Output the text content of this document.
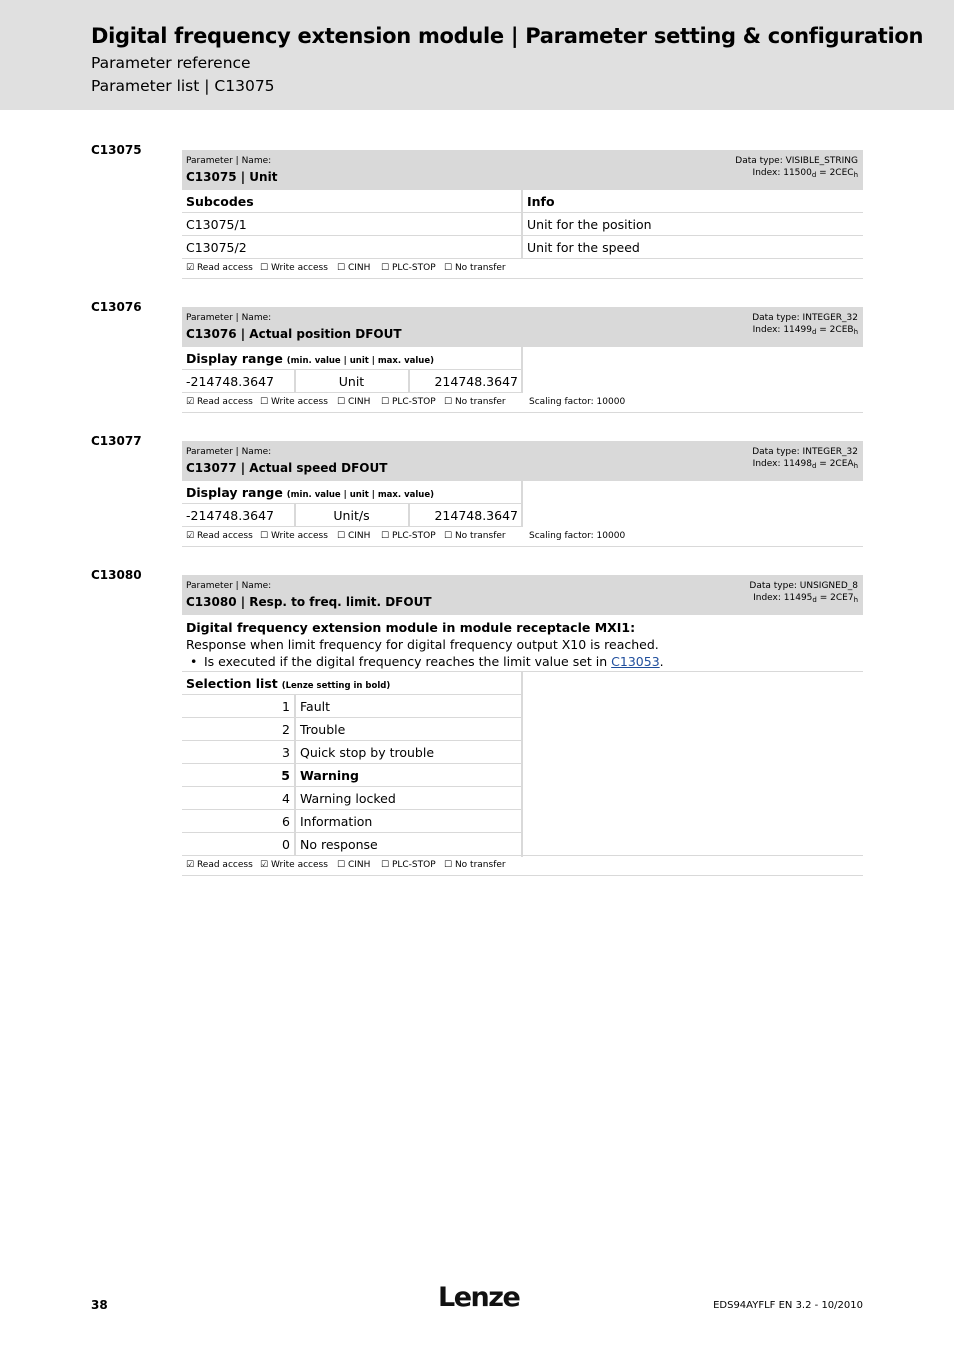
Digital frequency extension module | Parameter setting & configuration
Parameter reference
Parameter list | C13075
C13075
Parameter | Name:
C13075 | Unit
Data type: VISIBLE_STRING
Index: $11500_d = 2CEC_h$
Subcodes	Info
C13075/1	Unit for the position
C13075/2	Unit for the speed
☑ Read access ☐ Write access ☐ CINH ☐ PLC-STOP ☐ No transfer
C13076
Parameter | Name:
C13076 | Actual position DFOUT
Data type: INTEGER_32
Index: $11499_d = 2CEB_h$
Display range (min. value | unit | max. value)
-214748.3647	Unit	214748.3647
☑ Read access ☐ Write access ☐ CINH ☐ PLC-STOP ☐ No transfer	Scaling factor: 10000
C13077
Parameter | Name:
C13077 | Actual speed DFOUT
Data type: INTEGER_32
Index: $11498_d = 2CEA_h$
Display range (min. value | unit | max. value)
-214748.3647	Unit/s	214748.3647
☑ Read access ☐ Write access ☐ CINH ☐ PLC-STOP ☐ No transfer	Scaling factor: 10000
C13080
Parameter | Name:
C13080 | Resp. to freq. limit. DFOUT
Data type: UNSIGNED_8
Index: $11495_d = 2CE7_h$
Digital frequency extension module in module receptacle MXI1:
Response when limit frequency for digital frequency output X10 is reached.
• Is executed if the digital frequency reaches the limit value set in C13053.
Selection list (Lenze setting in bold)
1 Fault
2 Trouble
3 Quick stop by trouble
5 Warning
4 Warning locked
6 Information
0 No response
☑ Read access ☑ Write access ☐ CINH ☐ PLC-STOP ☐ No transfer
38	Lenze	EDS94AYFLF EN 3.2 - 10/2010
